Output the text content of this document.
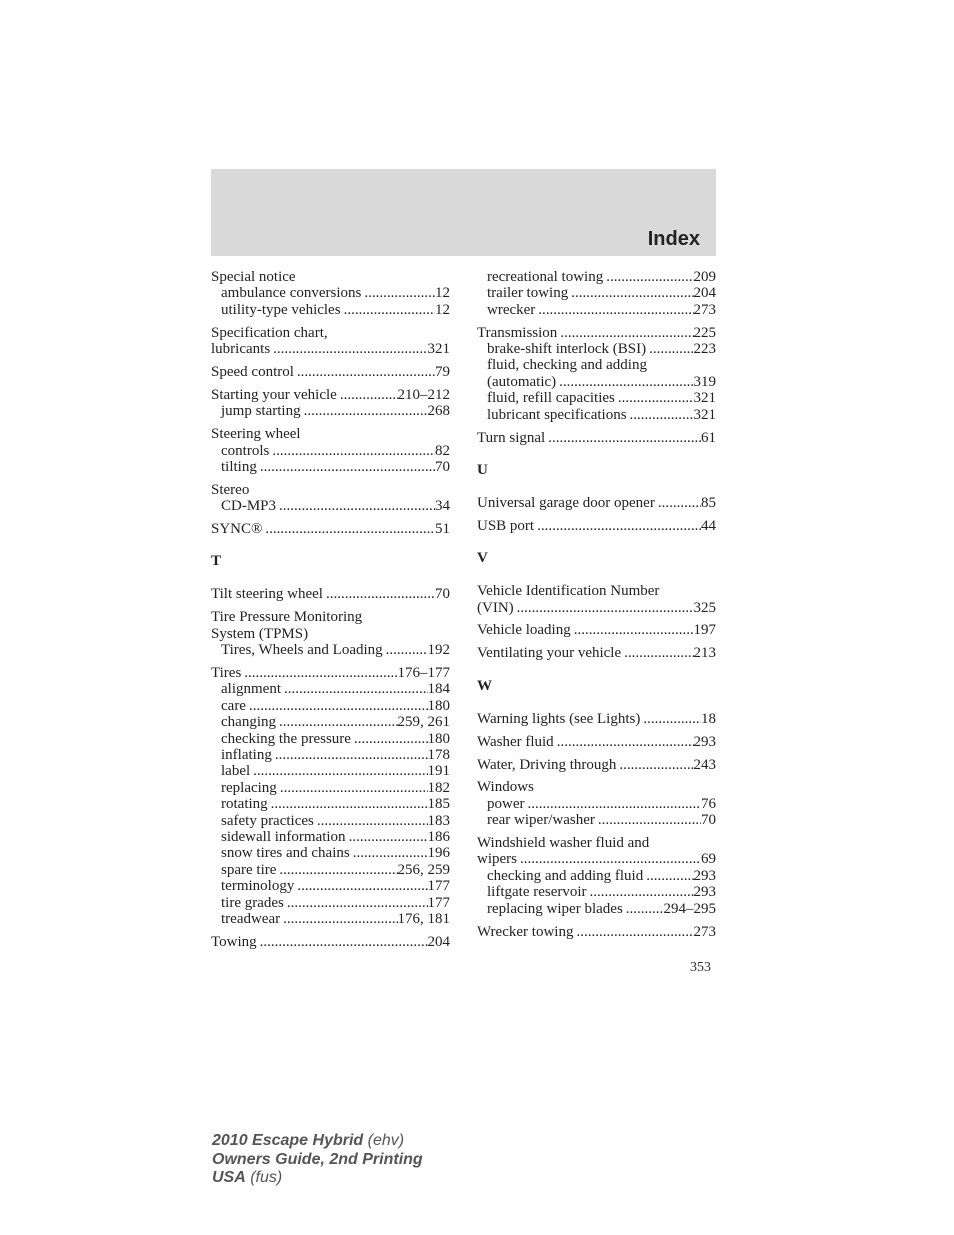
Index
Special notice
ambulance conversions .....	12
utility-type vehicles .....	12
Specification chart,
lubricants .....	321
Speed control .....	79
Starting your vehicle .....	210–212
jump starting .....	268
Steering wheel
controls .....	82
tilting .....	70
Stereo
CD-MP3 .....	34
SYNC® .....	51
T
Tilt steering wheel .....	70
Tire Pressure Monitoring
System (TPMS)
Tires, Wheels and Loading .....	192
Tires .....	176–177
alignment .....	184
care .....	180
changing .....	259, 261
checking the pressure .....	180
inflating .....	178
label .....	191
replacing .....	182
rotating .....	185
safety practices .....	183
sidewall information .....	186
snow tires and chains .....	196
spare tire .....	256, 259
terminology .....	177
tire grades .....	177
treadwear .....	176, 181
Towing .....	204
recreational towing .....	209
trailer towing .....	204
wrecker .....	273
Transmission .....	225
brake-shift interlock (BSI) .....	223
fluid, checking and adding
(automatic) .....	319
fluid, refill capacities .....	321
lubricant specifications .....	321
Turn signal .....	61
U
Universal garage door opener .....	85
USB port .....	44
V
Vehicle Identification Number
(VIN) .....	325
Vehicle loading .....	197
Ventilating your vehicle .....	213
W
Warning lights (see Lights) .....	18
Washer fluid .....	293
Water, Driving through .....	243
Windows
power .....	76
rear wiper/washer .....	70
Windshield washer fluid and
wipers .....	69
checking and adding fluid .....	293
liftgate reservoir .....	293
replacing wiper blades .....	294–295
Wrecker towing .....	273
353
2010 Escape Hybrid (ehv)
Owners Guide, 2nd Printing
USA (fus)
